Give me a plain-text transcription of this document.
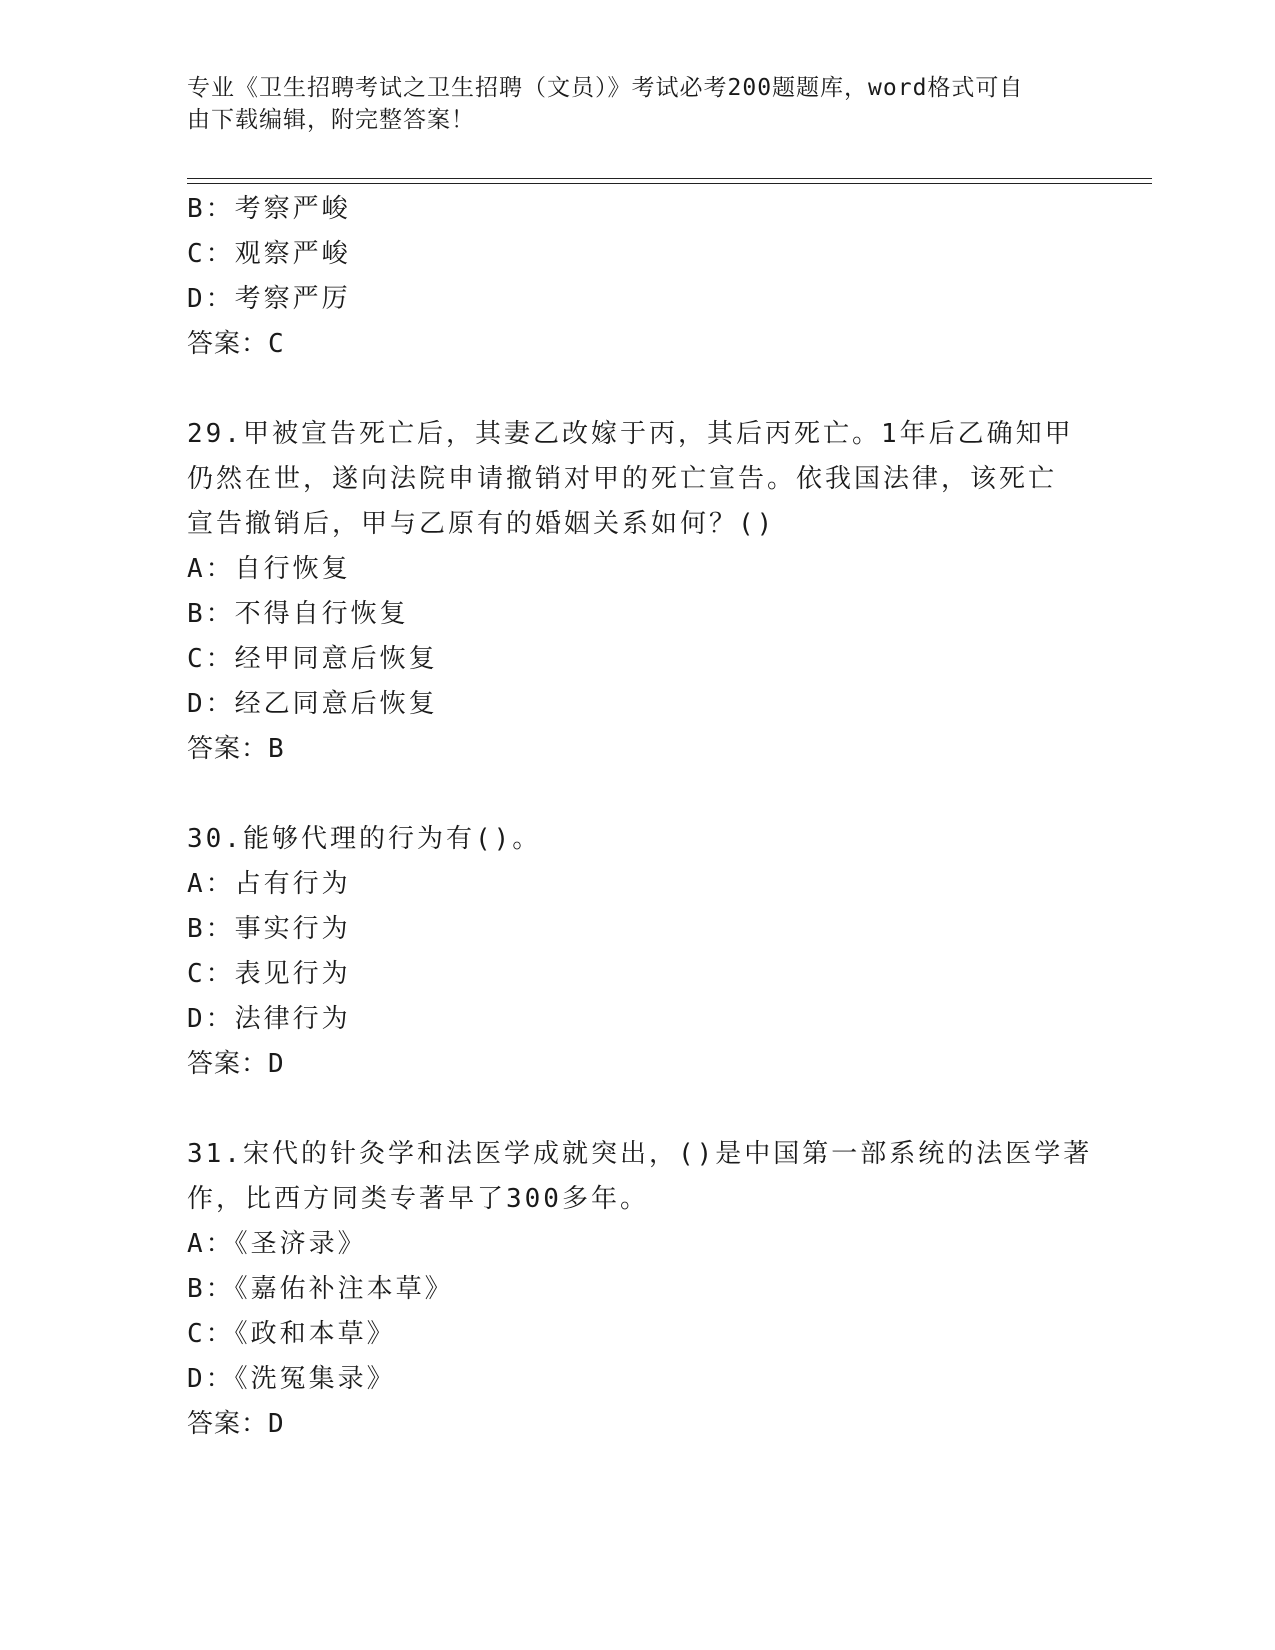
专业《卫生招聘考试之卫生招聘（文员）》考试必考200题题库，word格式可自
由下载编辑，附完整答案！
B：考察严峻
C：观察严峻
D：考察严厉
答案：C
29.甲被宣告死亡后，其妻乙改嫁于丙，其后丙死亡。1年后乙确知甲
仍然在世，遂向法院申请撤销对甲的死亡宣告。依我国法律，该死亡
宣告撤销后，甲与乙原有的婚姻关系如何？()
A：自行恢复
B：不得自行恢复
C：经甲同意后恢复
D：经乙同意后恢复
答案：B
30.能够代理的行为有()。
A：占有行为
B：事实行为
C：表见行为
D：法律行为
答案：D
31.宋代的针灸学和法医学成就突出，()是中国第一部系统的法医学著
作，比西方同类专著早了300多年。
A：《圣济录》
B：《嘉佑补注本草》
C：《政和本草》
D：《洗冤集录》
答案：D
